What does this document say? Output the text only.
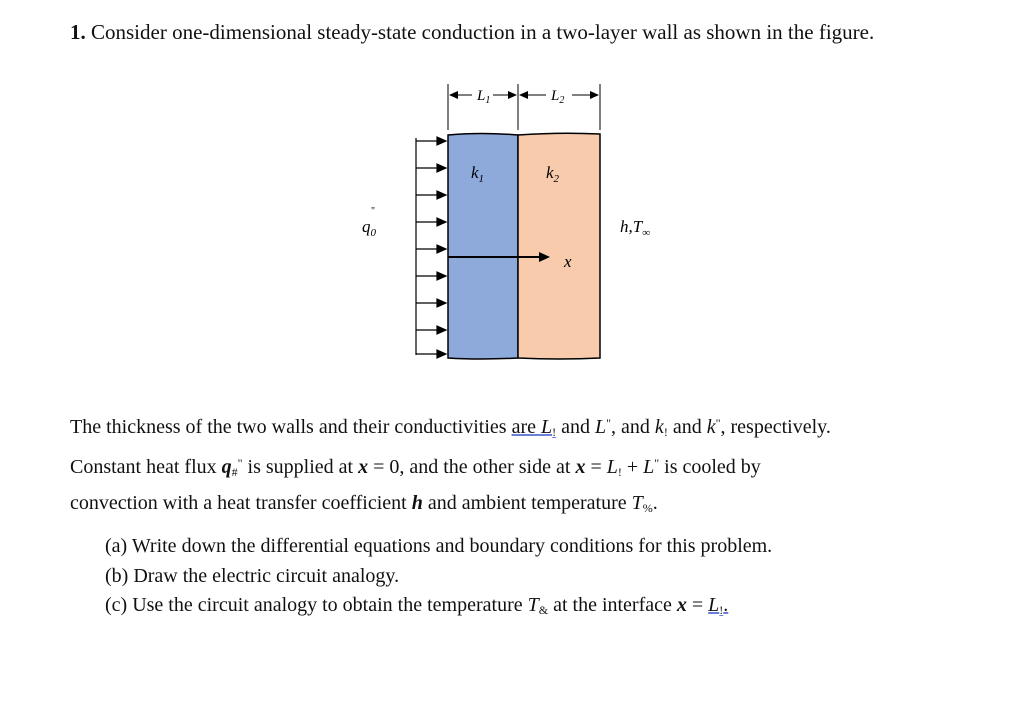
1. Consider one-dimensional steady-state conduction in a two-layer wall as shown in the figure.
$L_1$	$L_2$
$k_1$	$k_2$
$q_0$
"
$h,T_\infty$
x
The thickness of the two walls and their conductivities are $L_!$ and L", and $k_!$ and k", respectively.
Constant heat flux $q_{\#}^"$ is supplied at x = 0, and the other side at $x = L_! + L^"$ is cooled by
convection with a heat transfer coefficient h and ambient temperature $T_{\%}$.
(a) Write down the differential equations and boundary conditions for this problem.
(b) Draw the electric circuit analogy.
(c) Use the circuit analogy to obtain the temperature $T_{\&}$ at the interface $x = L_!$.
